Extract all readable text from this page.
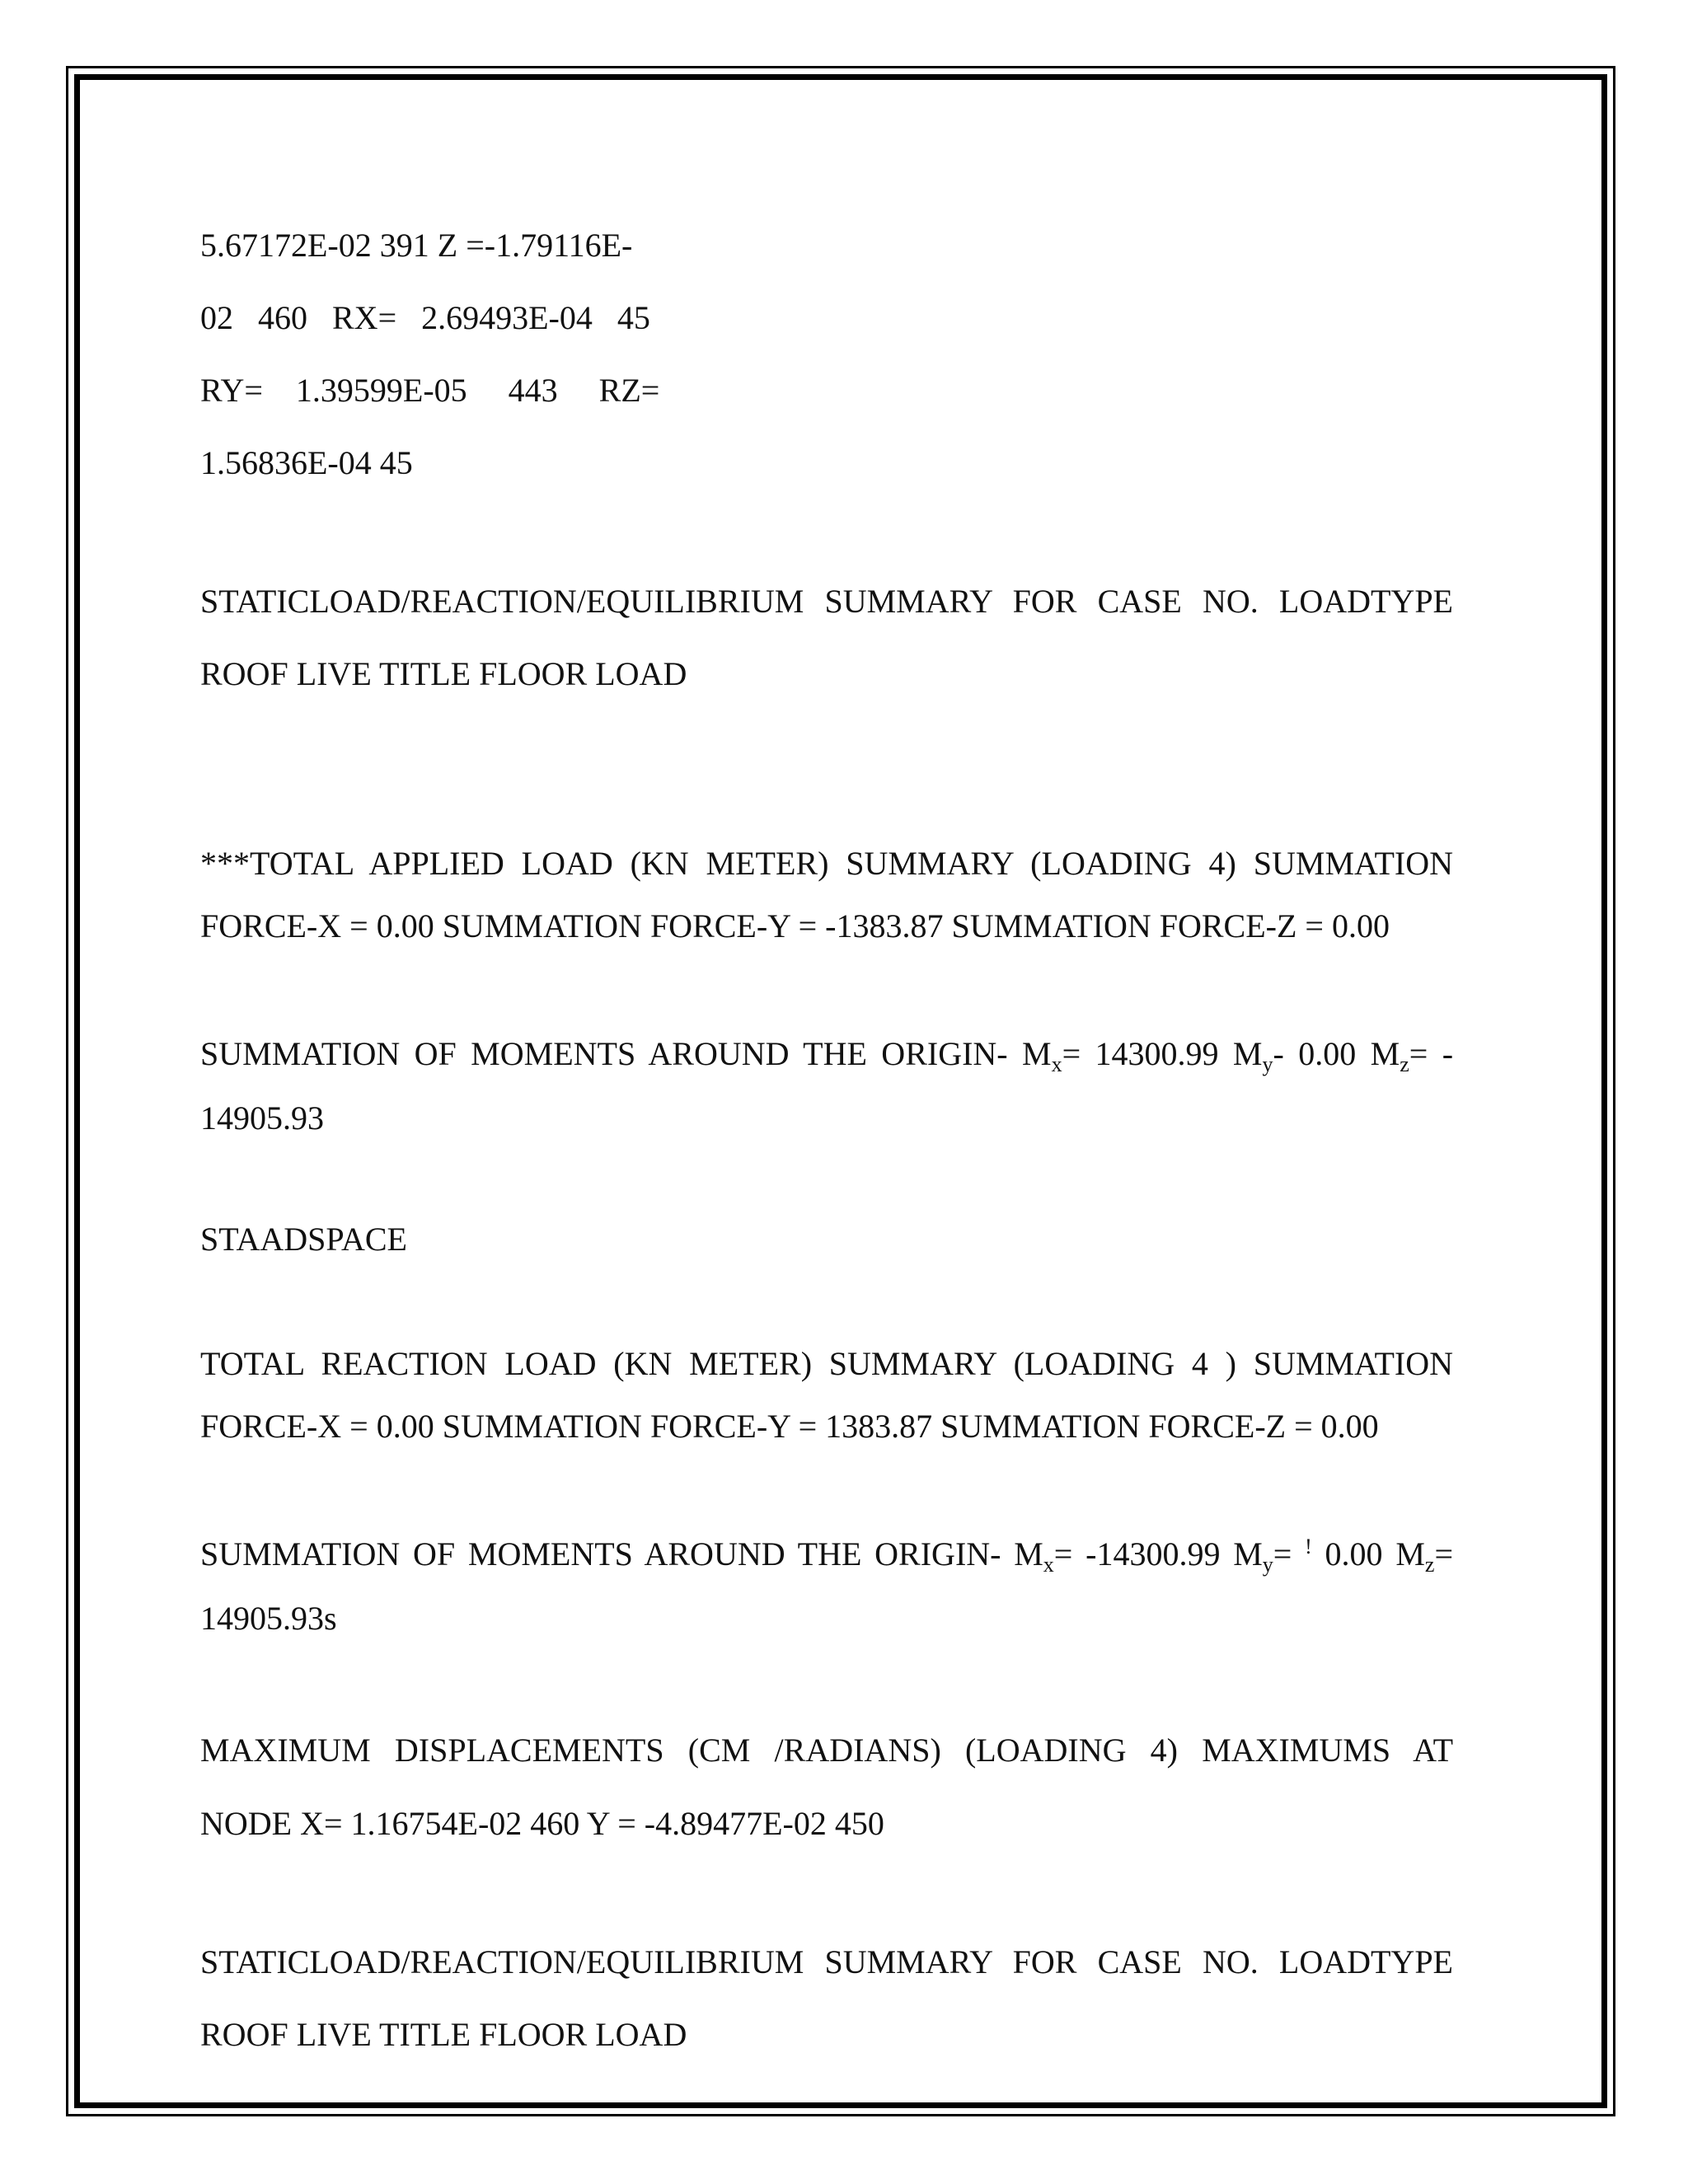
5.67172E-02 391 Z =-1.79116E-
02   460   RX=   2.69493E-04   45
RY=    1.39599E-05     443     RZ=
1.56836E-04 45
STATICLOAD/REACTION/EQUILIBRIUM SUMMARY FOR CASE NO. LOADTYPE
ROOF LIVE TITLE FLOOR LOAD
***TOTAL APPLIED LOAD (KN METER) SUMMARY (LOADING 4) SUMMATION
FORCE-X = 0.00 SUMMATION FORCE-Y = -1383.87 SUMMATION FORCE-Z = 0.00
SUMMATION OF MOMENTS AROUND THE ORIGIN- $M_x= 14300.99$ $M_y-$ 0.00 $M_z=$ -
14905.93
STAADSPACE
TOTAL REACTION LOAD (KN METER) SUMMARY (LOADING 4 ) SUMMATION
FORCE-X = 0.00 SUMMATION FORCE-Y = 1383.87 SUMMATION FORCE-Z = 0.00
SUMMATION OF MOMENTS AROUND THE ORIGIN- $M_x= -14300.99$ $M_y= ^!$ 0.00 $M_z=$
14905.93s
MAXIMUM DISPLACEMENTS (CM /RADIANS) (LOADING 4) MAXIMUMS AT
NODE X= 1.16754E-02 460 Y = -4.89477E-02 450
STATICLOAD/REACTION/EQUILIBRIUM SUMMARY FOR CASE NO. LOADTYPE
ROOF LIVE TITLE FLOOR LOAD
